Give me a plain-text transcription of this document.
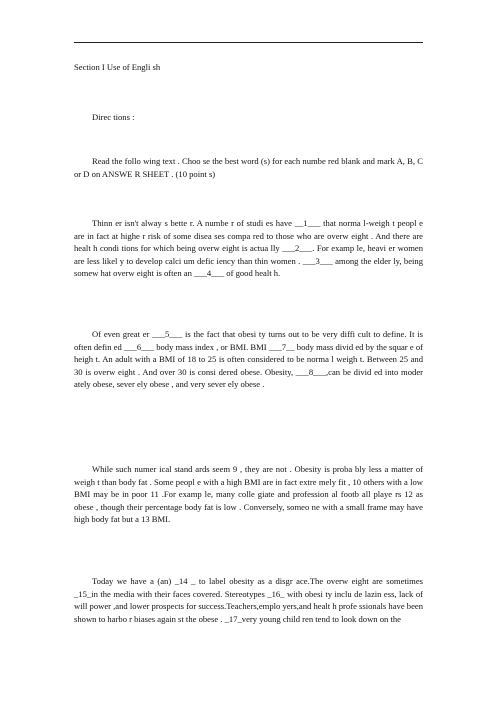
Section I Use of Engli sh

Direc tions :

Read the follo wing text . Choo se the best word (s) for each numbe red blank and mark A, B, C or D on ANSWE R SHEET . (10 point s)

Thinn er isn't alway s bette r. A numbe r of studi es have __1___ that norma l-weigh t peopl e are in fact at highe r risk of some disea ses compa red to those who are overw eight . And there are healt h condi tions for which being overw eight is actua lly ___2___. For examp le, heavi er women are less likel y to develop calci um defic iency than thin women . ___3___ among the elder ly, being somew hat overw eight is often an ___4___ of good healt h.

Of even great er ___5___ is the fact that obesi ty turns out to be very diffi cult to define. It is often defin ed ___6___ body mass index , or BMI. BMI ___7__ body mass divid ed by the squar e of heigh t. An adult with a BMI of 18 to 25 is often considered to be norma l weigh t. Between 25 and 30 is overw eight . And over 30 is consi dered obese. Obesity, ___8___,can be divid ed into moder ately obese, sever ely obese , and very sever ely obese .

While such numer ical stand ards seem 9 , they are not . Obesity is proba bly less a matter of weigh t than body fat . Some peopl e with a high BMI are in fact extre mely fit , 10 others with a low BMI may be in poor 11 .For examp le, many colle giate and profession al footb all playe rs 12 as obese , though their percentage body fat is low . Conversely, someo ne with a small frame may have high body fat but a 13 BMI.

Today we have a (an) _14 _ to label obesity as a disgr ace.The overw eight are sometimes _15_in the media with their faces covered. Stereotypes _16_ with obesi ty inclu de lazin ess, lack of will power ,and lower prospects for success.Teachers,emplo yers,and healt h profe ssionals have been shown to harbo r biases again st the obese . _17_very young child ren tend to look down on the
